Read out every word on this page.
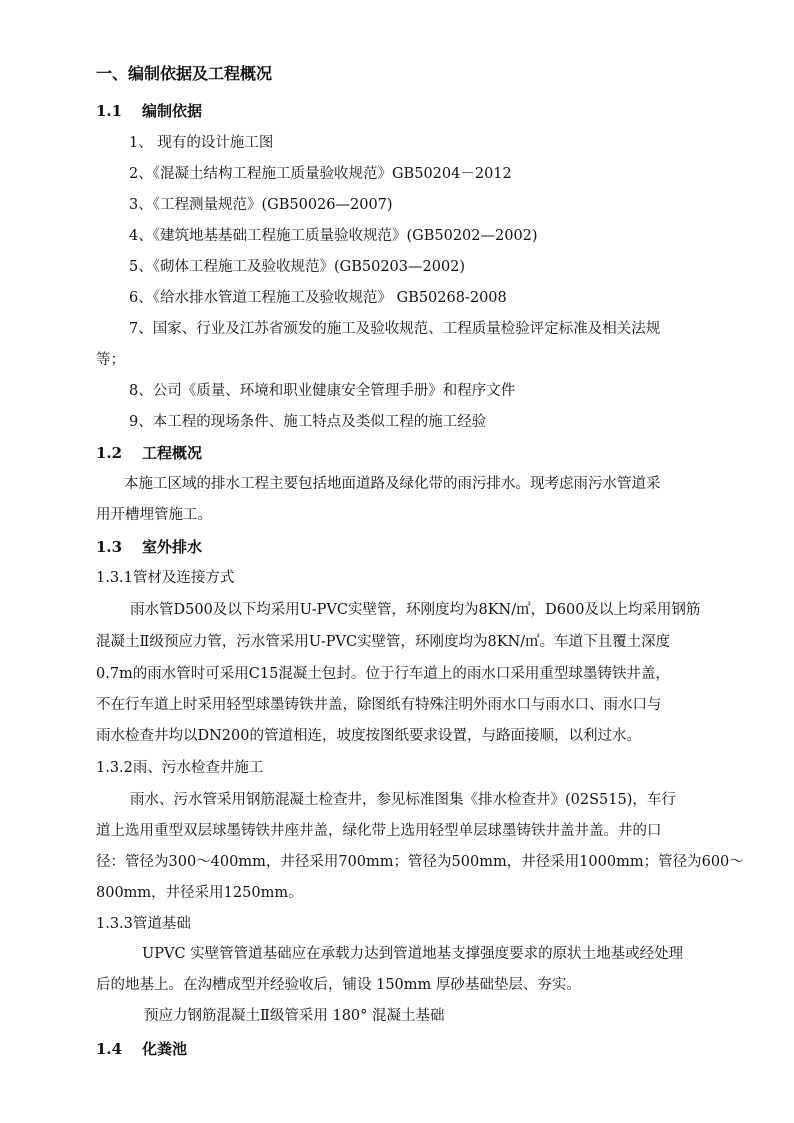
一、编制依据及工程概况
1.1 编制依据
1、 现有的设计施工图
2、《混凝土结构工程施工质量验收规范》GB50204－2012
3、《工程测量规范》(GB50026—2007)
4、《建筑地基基础工程施工质量验收规范》(GB50202—2002)
5、《砌体工程施工及验收规范》(GB50203—2002)
6、《给水排水管道工程施工及验收规范》 GB50268-2008
7、国家、行业及江苏省颁发的施工及验收规范、工程质量检验评定标准及相关法规
等；
8、公司《质量、环境和职业健康安全管理手册》和程序文件
9、本工程的现场条件、施工特点及类似工程的施工经验
1.2 工程概况
本施工区域的排水工程主要包括地面道路及绿化带的雨污排水。现考虑雨污水管道采
用开槽埋管施工。
1.3 室外排水
1.3.1管材及连接方式
雨水管D500及以下均采用U-PVC实壁管，环刚度均为8KN/㎡，D600及以上均采用钢筋
混凝土Ⅱ级预应力管，污水管采用U-PVC实壁管，环刚度均为8KN/㎡。车道下且覆土深度
0.7m的雨水管时可采用C15混凝土包封。位于行车道上的雨水口采用重型球墨铸铁井盖，
不在行车道上时采用轻型球墨铸铁井盖，除图纸有特殊注明外雨水口与雨水口、雨水口与
雨水检查井均以DN200的管道相连，坡度按图纸要求设置，与路面接顺，以利过水。
1.3.2雨、污水检查井施工
雨水、污水管采用钢筋混凝土检查井，参见标准图集《排水检查井》(02S515)，车行
道上选用重型双层球墨铸铁井座井盖，绿化带上选用轻型单层球墨铸铁井盖井盖。井的口
径：管径为300～400mm，井径采用700mm；管径为500mm，井径采用1000mm；管径为600～
800mm，井径采用1250mm。
1.3.3管道基础
UPVC 实壁管管道基础应在承载力达到管道地基支撑强度要求的原状土地基或经处理
后的地基上。在沟槽成型并经验收后，铺设 150mm 厚砂基础垫层、夯实。
预应力钢筋混凝土Ⅱ级管采用 180° 混凝土基础
1.4 化粪池
